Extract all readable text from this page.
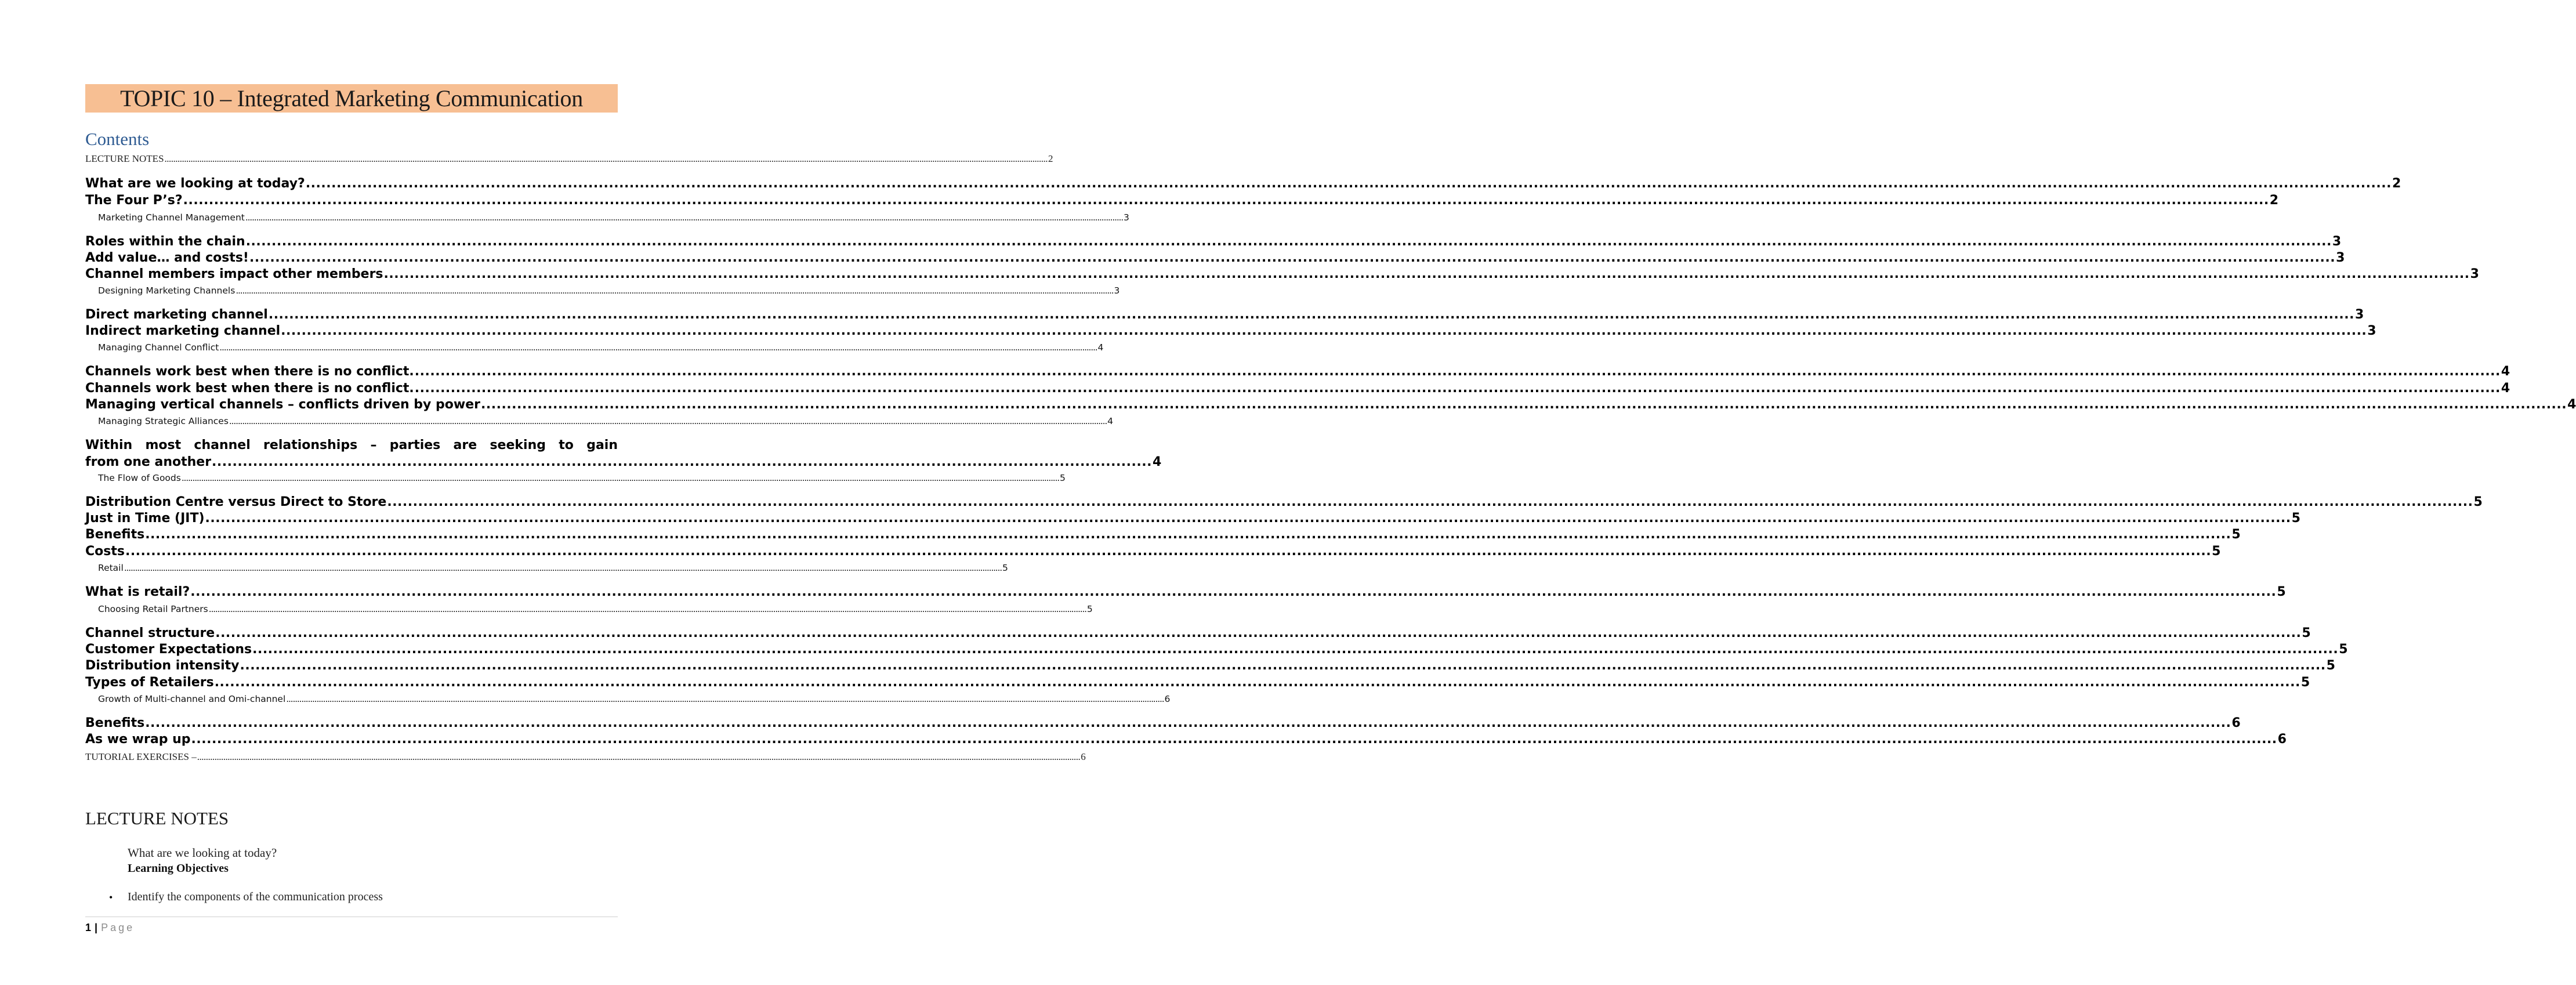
TOPIC 10 – Integrated Marketing Communication
Contents
LECTURE NOTES .....	2
What are we looking at today? .....	2
The Four P’s? .....	2
Marketing Channel Management .....	3
Roles within the chain .....	3
Add value… and costs! .....	3
Channel members impact other members .....	3
Designing Marketing Channels .....	3
Direct marketing channel .....	3
Indirect marketing channel .....	3
Managing Channel Conflict .....	4
Channels work best when there is no conflict. .....	4
Channels work best when there is no conflict. .....	4
Managing vertical channels – conflicts driven by power .....	4
Managing Strategic Alliances .....	4
Within most channel relationships – parties are seeking to gain
from one another ....................................................................................................................................................................................... 4
The Flow of Goods .....	5
Distribution Centre versus Direct to Store .....	5
Just in Time (JIT) .....	5
Benefits .....	5
Costs .....	5
Retail .....	5
What is retail? .....	5
Choosing Retail Partners .....	5
Channel structure .....	5
Customer Expectations .....	5
Distribution intensity .....	5
Types of Retailers .....	5
Growth of Multi-channel and Omi-channel .....	6
Benefits .....	6
As we wrap up .....	6
TUTORIAL EXERCISES – .....	6
LECTURE NOTES
What are we looking at today?
Learning Objectives
• Identify the components of the communication process
1 | Page
